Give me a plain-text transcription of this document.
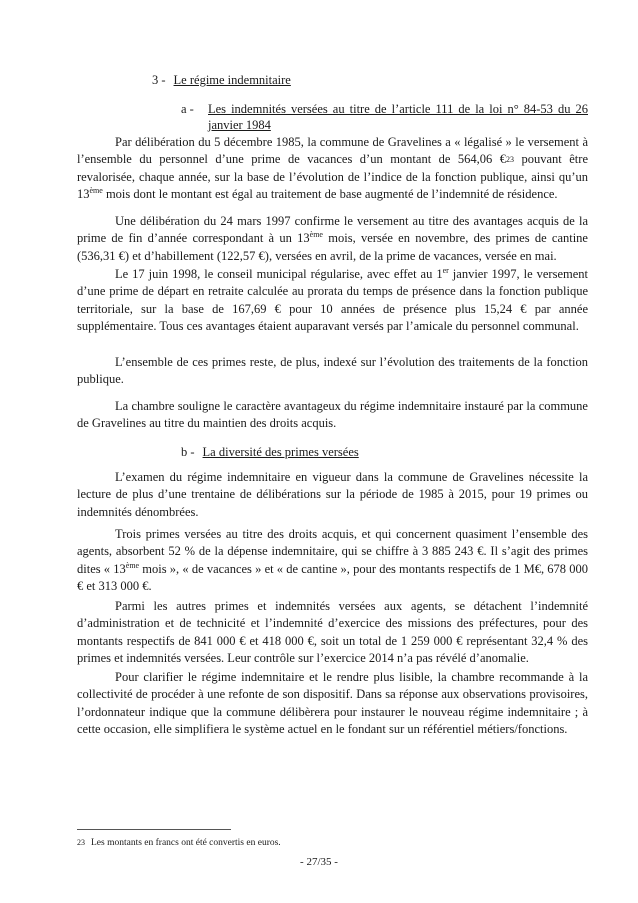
3 - Le régime indemnitaire
a - Les indemnités versées au titre de l’article 111 de la loi n° 84-53 du 26 janvier 1984

Par délibération du 5 décembre 1985, la commune de Gravelines a « légalisé » le versement à l’ensemble du personnel d’une prime de vacances d’un montant de 564,06 €23 pouvant être revalorisée, chaque année, sur la base de l’évolution de l’indice de la fonction publique, ainsi qu’un 13ème mois dont le montant est égal au traitement de base augmenté de l’indemnité de résidence.

Une délibération du 24 mars 1997 confirme le versement au titre des avantages acquis de la prime de fin d’année correspondant à un 13ème mois, versée en novembre, des primes de cantine (536,31 €) et d’habillement (122,57 €), versées en avril, de la prime de vacances, versée en mai.

Le 17 juin 1998, le conseil municipal régularise, avec effet au 1er janvier 1997, le versement d’une prime de départ en retraite calculée au prorata du temps de présence dans la fonction publique territoriale, sur la base de 167,69 € pour 10 années de présence plus 15,24 € par année supplémentaire. Tous ces avantages étaient auparavant versés par l’amicale du personnel communal.

L’ensemble de ces primes reste, de plus, indexé sur l’évolution des traitements de la fonction publique.

La chambre souligne le caractère avantageux du régime indemnitaire instauré par la commune de Gravelines au titre du maintien des droits acquis.

b - La diversité des primes versées

L’examen du régime indemnitaire en vigueur dans la commune de Gravelines nécessite la lecture de plus d’une trentaine de délibérations sur la période de 1985 à 2015, pour 19 primes ou indemnités dénombrées.

Trois primes versées au titre des droits acquis, et qui concernent quasiment l’ensemble des agents, absorbent 52 % de la dépense indemnitaire, qui se chiffre à 3 885 243 €. Il s’agit des primes dites « 13ème mois », « de vacances » et « de cantine », pour des montants respectifs de 1 M€, 678 000 € et 313 000 €.

Parmi les autres primes et indemnités versées aux agents, se détachent l’indemnité d’administration et de technicité et l’indemnité d’exercice des missions des préfectures, pour des montants respectifs de 841 000 € et 418 000 €, soit un total de 1 259 000 € représentant 32,4 % des primes et indemnités versées. Leur contrôle sur l’exercice 2014 n’a pas révélé d’anomalie.

Pour clarifier le régime indemnitaire et le rendre plus lisible, la chambre recommande à la collectivité de procéder à une refonte de son dispositif. Dans sa réponse aux observations provisoires, l’ordonnateur indique que la commune délibèrera pour instaurer le nouveau régime indemnitaire ; à cette occasion, elle simplifiera le système actuel en le fondant sur un référentiel métiers/fonctions.

23 Les montants en francs ont été convertis en euros.
- 27/35 -
